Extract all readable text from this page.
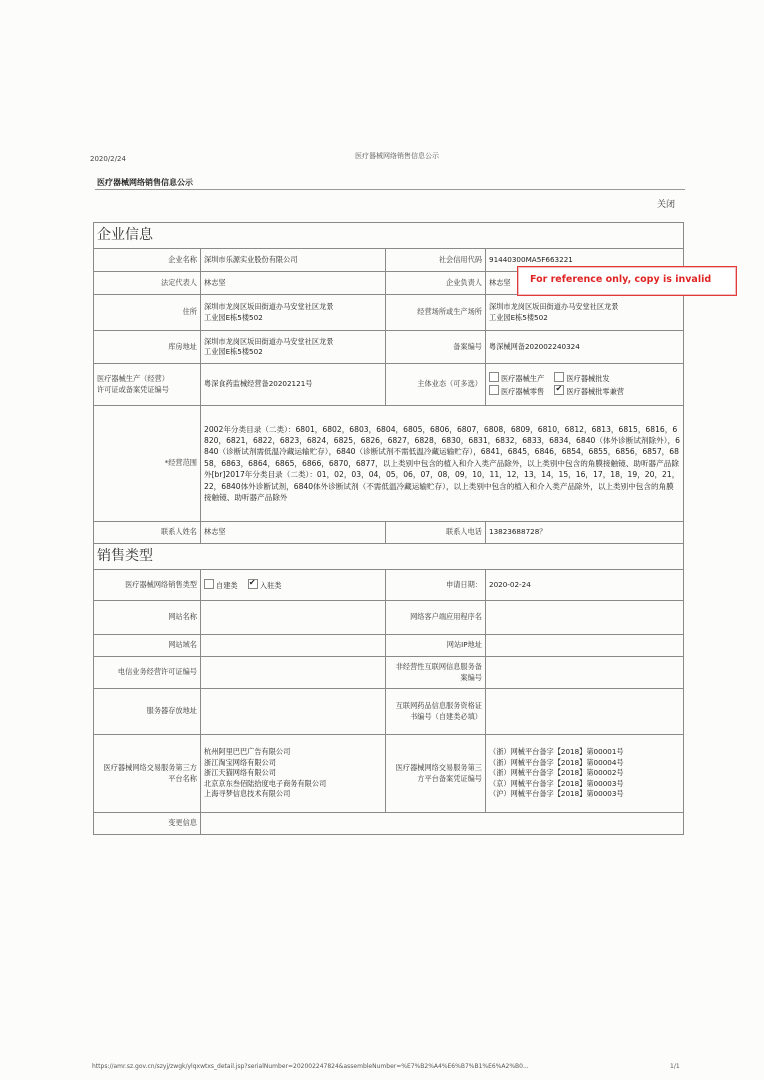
2020/2/24	医疗器械网络销售信息公示
医疗器械网络销售信息公示
关闭
企业信息			
企业名称	深圳市乐源实业股份有限公司	社会信用代码	91440300MA5F663221
法定代表人	林志坚	企业负责人	林志坚
住所	深圳市龙岗区坂田街道办马安堂社区龙景
工业园E栋5楼502	经营场所或生产场所	深圳市龙岗区坂田街道办马安堂社区龙景
工业园E栋5楼502
库房地址	深圳市龙岗区坂田街道办马安堂社区龙景
工业园E栋5楼502	备案编号	粤深械网备202002240324
医疗器械生产（经营）
许可证或备案凭证编号	粤深食药监械经营备20202121号	主体业态（可多选）	医疗器械生产 医疗器械批发
医疗器械零售 ✔ 医疗器械批零兼营
*经营范围	2002年分类目录（二类）：6801，6802，6803，6804，6805，6806，6807，6808，6809，6810，6812，6813，6815，6816，6820，6821，6822，6823，6824，6825，6826，6827，6828，6830，6831，6832，6833，6834，6840（体外诊断试剂除外），6840（诊断试剂需低温冷藏运输贮存），6840（诊断试剂不需低温冷藏运输贮存），6841，6845，6846，6854，6855，6856，6857，6858，6863，6864，6865，6866，6870，6877，以上类别中包含的植入和介入类产品除外，以上类别中包含的角膜接触镜、助听器产品除外[br]2017年分类目录（二类）：01，02，03，04，05，06，07，08，09，10，11，12，13，14，15，16，17，18，19，20，21，22，6840体外诊断试剂，6840体外诊断试剂（不需低温冷藏运输贮存），以上类别中包含的植入和介入类产品除外，以上类别中包含的角膜接触镜、助听器产品除外		
联系人姓名	林志坚	联系人电话	13823688728？
销售类型			
医疗器械网络销售类型	自建类 ✔ 入驻类	申请日期：	2020-02-24
网站名称		网络客户端应用程序名	
网站域名		网站IP地址	
电信业务经营许可证编号		非经营性互联网信息服务备案编号	
服务器存放地址		互联网药品信息服务资格证书编号（自建类必填）	
医疗器械网络交易服务第三方平台名称	杭州阿里巴巴广告有限公司
浙江淘宝网络有限公司
浙江天猫网络有限公司
北京京东叁佰陆拾度电子商务有限公司
上海寻梦信息技术有限公司	医疗器械网络交易服务第三方平台备案凭证编号	（浙）网械平台备字【2018】第00001号
（浙）网械平台备字【2018】第00004号
（浙）网械平台备字【2018】第00002号
（京）网械平台备字【2018】第00003号
（沪）网械平台备字【2018】第00003号
变更信息			
For reference only, copy is invalid
https://amr.sz.gov.cn/szyj/zwgk/ylqxwtxs_detail.jsp?serialNumber=202002247824&assembleNumber=%E7%B2%A4%E6%B7%B1%E6%A2%B0...	1/1
